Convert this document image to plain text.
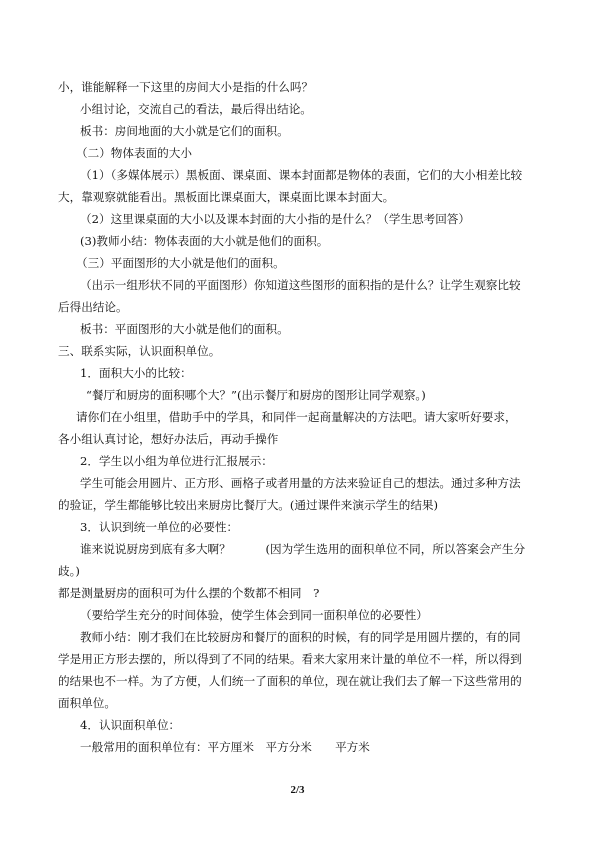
小，谁能解释一下这里的房间大小是指的什么吗？
小组讨论，交流自己的看法，最后得出结论。
板书：房间地面的大小就是它们的面积。
（二）物体表面的大小
（1）（多媒体展示）黑板面、课桌面、课本封面都是物体的表面，它们的大小相差比较
大，靠观察就能看出。黑板面比课桌面大，课桌面比课本封面大。
（2）这里课桌面的大小以及课本封面的大小指的是什么？（学生思考回答）
(3)教师小结：物体表面的大小就是他们的面积。
（三）平面图形的大小就是他们的面积。
（出示一组形状不同的平面图形）你知道这些图形的面积指的是什么？让学生观察比较
后得出结论。
板书：平面图形的大小就是他们的面积。
三、联系实际，认识面积单位。
1．面积大小的比较：
“餐厅和厨房的面积哪个大？”(出示餐厅和厨房的图形让同学观察。)
请你们在小组里，借助手中的学具，和同伴一起商量解决的方法吧。请大家听好要求，
各小组认真讨论，想好办法后，再动手操作
2．学生以小组为单位进行汇报展示：
学生可能会用圆片、正方形、画格子或者用量的方法来验证自己的想法。通过多种方法
的验证，学生都能够比较出来厨房比餐厅大。(通过课件来演示学生的结果)
3．认识到统一单位的必要性：
谁来说说厨房到底有多大啊？　　　(因为学生选用的面积单位不同，所以答案会产生分
歧。)
都是测量厨房的面积可为什么摆的个数都不相同　?
（要给学生充分的时间体验，使学生体会到同一面积单位的必要性）
教师小结：刚才我们在比较厨房和餐厅的面积的时候，有的同学是用圆片摆的，有的同
学是用正方形去摆的，所以得到了不同的结果。看来大家用来计量的单位不一样，所以得到
的结果也不一样。为了方便，人们统一了面积的单位，现在就让我们去了解一下这些常用的
面积单位。
4．认识面积单位：
一般常用的面积单位有：平方厘米　平方分米　　平方米
2/3
